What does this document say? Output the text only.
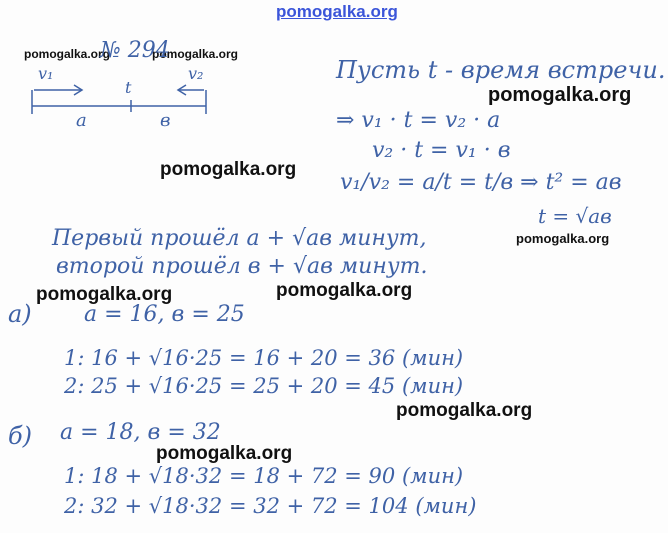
pomogalka.org
pomogalka.org	pomogalka.org
pomogalka.org
pomogalka.org
pomogalka.org
pomogalka.org	pomogalka.org
pomogalka.org
pomogalka.org
№ 294
v₁	v₂
t
a	в
Пусть t - время встречи.
⇒ v₁ · t = v₂ · a
v₂ · t = v₁ · в
v₁/v₂ = a/t = t/в ⇒ t² = aв
t = √aв
Первый прошёл a + √aв минут,
второй прошёл в + √aв минут.
а) a = 16, в = 25
1: 16 + √16·25 = 16 + 20 = 36 (мин)
2: 25 + √16·25 = 25 + 20 = 45 (мин)
б) a = 18, в = 32
1: 18 + √18·32 = 18 + 72 = 90 (мин)
2: 32 + √18·32 = 32 + 72 = 104 (мин)
